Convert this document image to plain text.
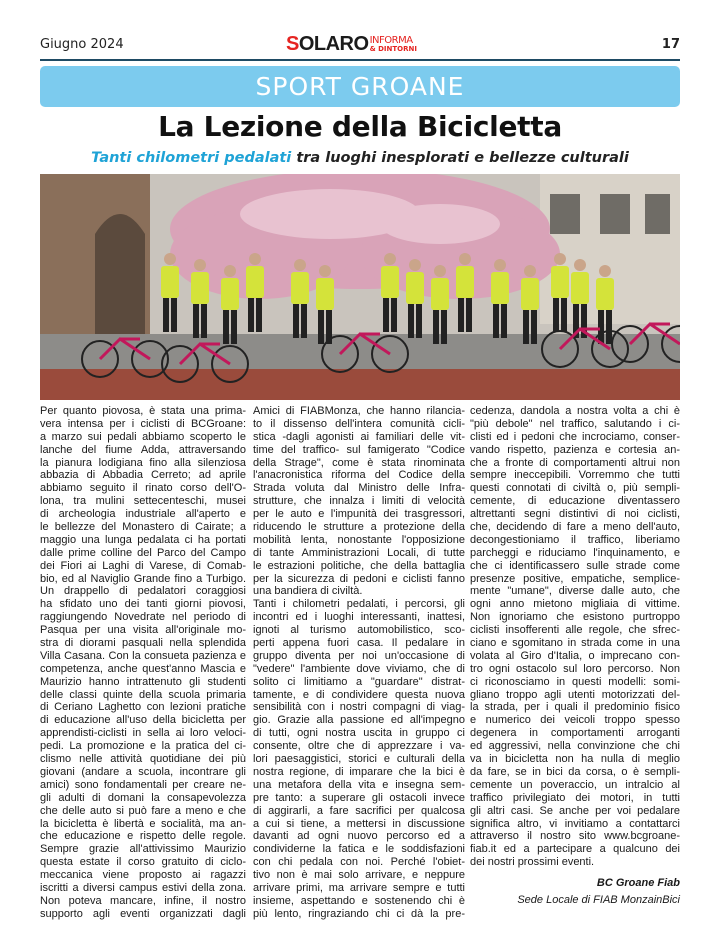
Giugno 2024	SOLARO INFORMA
& DINTORNI	17
SPORT GROANE
La Lezione della Bicicletta
Tanti chilometri pedalati tra luoghi inesplorati e bellezze culturali
Per quanto piovosa, è stata una prima-
vera intensa per i ciclisti di BCGroane:
a marzo sui pedali abbiamo scoperto le
lanche del fiume Adda, attraversando
la pianura lodigiana fino alla silenziosa
abbazia di Abbadia Cerreto; ad aprile
abbiamo seguito il rinato corso dell'O-
lona, tra mulini settecenteschi, musei
di archeologia industriale all'aperto e
le bellezze del Monastero di Cairate; a
maggio una lunga pedalata ci ha portati
dalle prime colline del Parco del Campo
dei Fiori ai Laghi di Varese, di Comab-
bio, ed al Naviglio Grande fino a Turbigo.
Un drappello di pedalatori coraggiosi
ha sfidato uno dei tanti giorni piovosi,
raggiungendo Novedrate nel periodo di
Pasqua per una visita all'originale mo-
stra di diorami pasquali nella splendida
Villa Casana. Con la consueta pazienza e
competenza, anche quest'anno Mascia e
Maurizio hanno intrattenuto gli studenti
delle classi quinte della scuola primaria
di Ceriano Laghetto con lezioni pratiche
di educazione all'uso della bicicletta per
apprendisti-ciclisti in sella ai loro veloci-
pedi. La promozione e la pratica del ci-
clismo nelle attività quotidiane dei più
giovani (andare a scuola, incontrare gli
amici) sono fondamentali per creare ne-
gli adulti di domani la consapevolezza
che delle auto si può fare a meno e che
la bicicletta è libertà e socialità, ma an-
che educazione e rispetto delle regole.
Sempre grazie all'attivissimo Maurizio
questa estate il corso gratuito di ciclo-
meccanica viene proposto ai ragazzi
iscritti a diversi campus estivi della zona.
Non poteva mancare, infine, il nostro
supporto agli eventi organizzati dagli
Amici di FIABMonza, che hanno rilancia-
to il dissenso dell'intera comunità cicli-
stica -dagli agonisti ai familiari delle vit-
time del traffico- sul famigerato "Codice
della Strage", come è stata rinominata
l'anacronistica riforma del Codice della
Strada voluta dal Ministro delle Infra-
strutture, che innalza i limiti di velocità
per le auto e l'impunità dei trasgressori,
riducendo le strutture a protezione della
mobilità lenta, nonostante l'opposizione
di tante Amministrazioni Locali, di tutte
le estrazioni politiche, che della battaglia
per la sicurezza di pedoni e ciclisti fanno
una bandiera di civiltà.
Tanti i chilometri pedalati, i percorsi, gli
incontri ed i luoghi interessanti, inattesi,
ignoti al turismo automobilistico, sco-
perti appena fuori casa. Il pedalare in
gruppo diventa per noi un'occasione di
"vedere" l'ambiente dove viviamo, che di
solito ci limitiamo a "guardare" distrat-
tamente, e di condividere questa nuova
sensibilità con i nostri compagni di viag-
gio. Grazie alla passione ed all'impegno
di tutti, ogni nostra uscita in gruppo ci
consente, oltre che di apprezzare i va-
lori paesaggistici, storici e culturali della
nostra regione, di imparare che la bici è
una metafora della vita e insegna sem-
pre tanto: a superare gli ostacoli invece
di aggirarli, a fare sacrifici per qualcosa
a cui si tiene, a mettersi in discussione
davanti ad ogni nuovo percorso ed a
condividerne la fatica e le soddisfazioni
con chi pedala con noi. Perché l'obiet-
tivo non è mai solo arrivare, e neppure
arrivare primi, ma arrivare sempre e tutti
insieme, aspettando e sostenendo chi è
più lento, ringraziando chi ci dà la pre-
cedenza, dandola a nostra volta a chi è
"più debole" nel traffico, salutando i ci-
clisti ed i pedoni che incrociamo, conser-
vando rispetto, pazienza e cortesia an-
che a fronte di comportamenti altrui non
sempre ineccepibili. Vorremmo che tutti
questi connotati di civiltà o, più sempli-
cemente, di educazione diventassero
altrettanti segni distintivi di noi ciclisti,
che, decidendo di fare a meno dell'auto,
decongestioniamo il traffico, liberiamo
parcheggi e riduciamo l'inquinamento, e
che ci identificassero sulle strade come
presenze positive, empatiche, semplice-
mente "umane", diverse dalle auto, che
ogni anno mietono migliaia di vittime.
Non ignoriamo che esistono purtroppo
ciclisti insofferenti alle regole, che sfrec-
ciano e sgomitano in strada come in una
volata al Giro d'Italia, o imprecano con-
tro ogni ostacolo sul loro percorso. Non
ci riconosciamo in questi modelli: somi-
gliano troppo agli utenti motorizzati del-
la strada, per i quali il predominio fisico
e numerico dei veicoli troppo spesso
degenera in comportamenti arroganti
ed aggressivi, nella convinzione che chi
va in bicicletta non ha nulla di meglio
da fare, se in bici da corsa, o è sempli-
cemente un poveraccio, un intralcio al
traffico privilegiato dei motori, in tutti
gli altri casi. Se anche per voi pedalare
significa altro, vi invitiamo a contattarci
attraverso il nostro sito www.bcgroane-
fiab.it ed a partecipare a qualcuno dei
dei nostri prossimi eventi.
BC Groane Fiab
Sede Locale di FIAB MonzainBici
